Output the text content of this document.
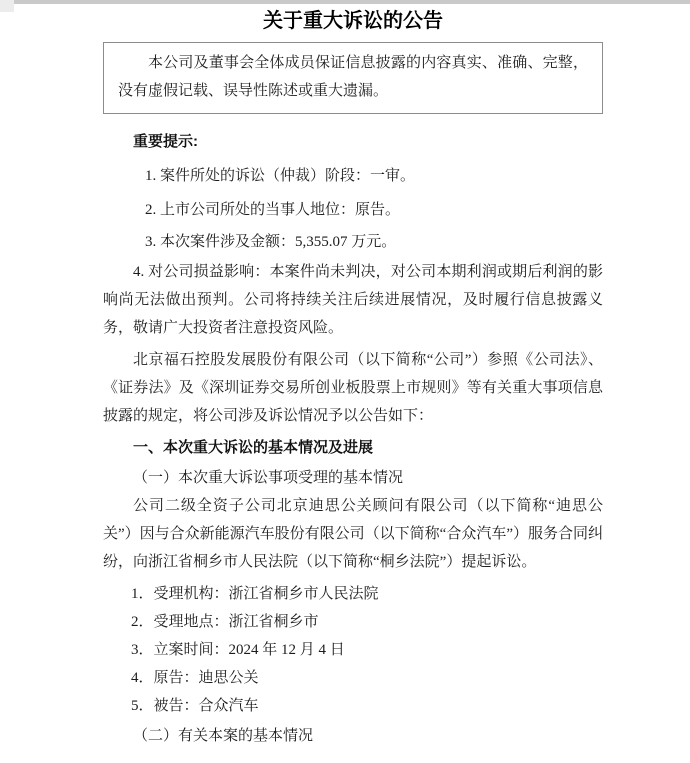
关于重大诉讼的公告

本公司及董事会全体成员保证信息披露的内容真实、准确、完整，没有虚假记载、误导性陈述或重大遗漏。

重要提示:

1. 案件所处的诉讼（仲裁）阶段：一审。

2. 上市公司所处的当事人地位：原告。

3. 本次案件涉及金额：5,355.07 万元。

4. 对公司损益影响：本案件尚未判决，对公司本期利润或期后利润的影响尚无法做出预判。公司将持续关注后续进展情况，及时履行信息披露义务，敬请广大投资者注意投资风险。

北京福石控股发展股份有限公司（以下简称“公司”）参照《公司法》、《证券法》及《深圳证券交易所创业板股票上市规则》等有关重大事项信息披露的规定，将公司涉及诉讼情况予以公告如下：

一、本次重大诉讼的基本情况及进展

（一）本次重大诉讼事项受理的基本情况

公司二级全资子公司北京迪思公关顾问有限公司（以下简称“迪思公关”）因与合众新能源汽车股份有限公司（以下简称“合众汽车”）服务合同纠纷，向浙江省桐乡市人民法院（以下简称“桐乡法院”）提起诉讼。

1．受理机构：浙江省桐乡市人民法院

2．受理地点：浙江省桐乡市

3．立案时间：2024 年 12 月 4 日

4．原告：迪思公关

5．被告：合众汽车

（二）有关本案的基本情况
